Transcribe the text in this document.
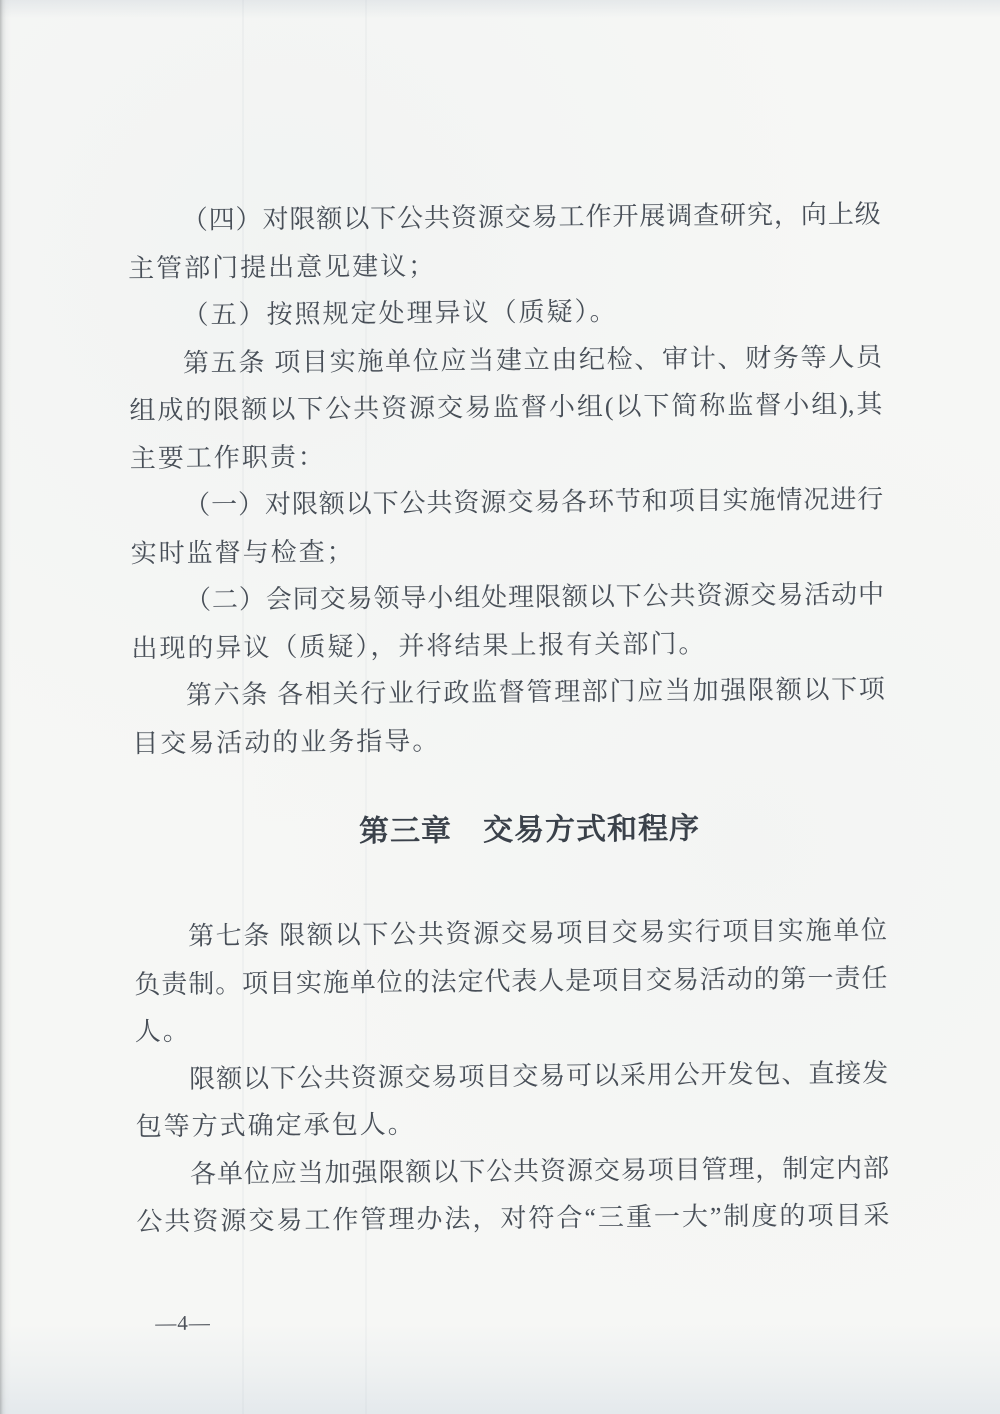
（四）对限额以下公共资源交易工作开展调查研究，向上级
主管部门提出意见建议；
（五）按照规定处理异议（质疑）。
第五条 项目实施单位应当建立由纪检、审计、财务等人员
组成的限额以下公共资源交易监督小组(以下简称监督小组),其
主要工作职责：
（一）对限额以下公共资源交易各环节和项目实施情况进行
实时监督与检查；
（二）会同交易领导小组处理限额以下公共资源交易活动中
出现的异议（质疑），并将结果上报有关部门。
第六条 各相关行业行政监督管理部门应当加强限额以下项
目交易活动的业务指导。
第三章　交易方式和程序
第七条 限额以下公共资源交易项目交易实行项目实施单位
负责制。项目实施单位的法定代表人是项目交易活动的第一责任
人。
限额以下公共资源交易项目交易可以采用公开发包、直接发
包等方式确定承包人。
各单位应当加强限额以下公共资源交易项目管理，制定内部
公共资源交易工作管理办法，对符合“三重一大”制度的项目采
—4—
